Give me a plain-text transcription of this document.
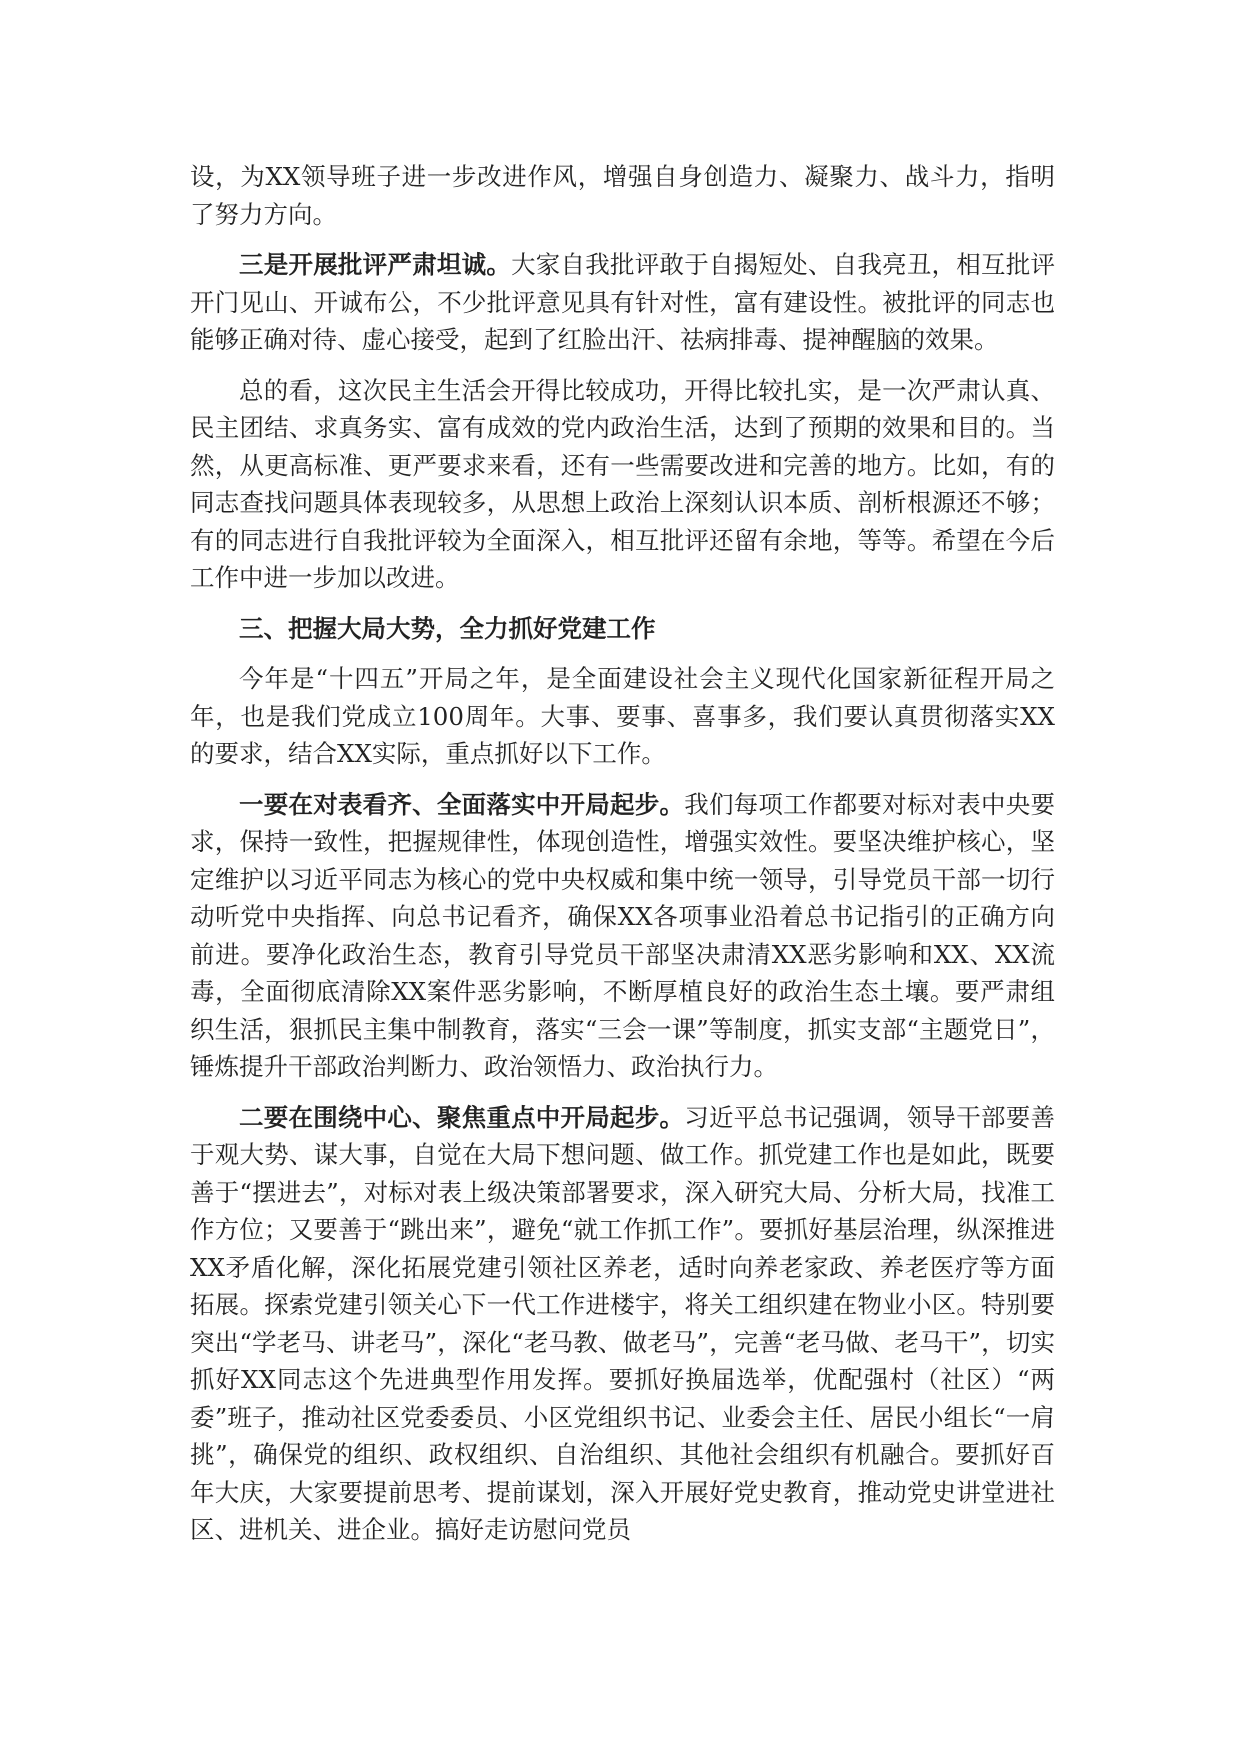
设，为XX领导班子进一步改进作风，增强自身创造力、凝聚力、战斗力，指明了努力方向。

三是开展批评严肃坦诚。大家自我批评敢于自揭短处、自我亮丑，相互批评开门见山、开诚布公，不少批评意见具有针对性，富有建设性。被批评的同志也能够正确对待、虚心接受，起到了红脸出汗、祛病排毒、提神醒脑的效果。

总的看，这次民主生活会开得比较成功，开得比较扎实，是一次严肃认真、民主团结、求真务实、富有成效的党内政治生活，达到了预期的效果和目的。当然，从更高标准、更严要求来看，还有一些需要改进和完善的地方。比如，有的同志查找问题具体表现较多，从思想上政治上深刻认识本质、剖析根源还不够；有的同志进行自我批评较为全面深入，相互批评还留有余地，等等。希望在今后工作中进一步加以改进。

三、把握大局大势，全力抓好党建工作

今年是“十四五”开局之年，是全面建设社会主义现代化国家新征程开局之年，也是我们党成立100周年。大事、要事、喜事多，我们要认真贯彻落实XX的要求，结合XX实际，重点抓好以下工作。

一要在对表看齐、全面落实中开局起步。我们每项工作都要对标对表中央要求，保持一致性，把握规律性，体现创造性，增强实效性。要坚决维护核心，坚定维护以习近平同志为核心的党中央权威和集中统一领导，引导党员干部一切行动听党中央指挥、向总书记看齐，确保XX各项事业沿着总书记指引的正确方向前进。要净化政治生态，教育引导党员干部坚决肃清XX恶劣影响和XX、XX流毒，全面彻底清除XX案件恶劣影响，不断厚植良好的政治生态土壤。要严肃组织生活，狠抓民主集中制教育，落实“三会一课”等制度，抓实支部“主题党日”，锤炼提升干部政治判断力、政治领悟力、政治执行力。

二要在围绕中心、聚焦重点中开局起步。习近平总书记强调，领导干部要善于观大势、谋大事，自觉在大局下想问题、做工作。抓党建工作也是如此，既要善于“摆进去”，对标对表上级决策部署要求，深入研究大局、分析大局，找准工作方位；又要善于“跳出来”，避免“就工作抓工作”。要抓好基层治理，纵深推进XX矛盾化解，深化拓展党建引领社区养老，适时向养老家政、养老医疗等方面拓展。探索党建引领关心下一代工作进楼宇，将关工组织建在物业小区。特别要突出“学老马、讲老马”，深化“老马教、做老马”，完善“老马做、老马干”，切实抓好XX同志这个先进典型作用发挥。要抓好换届选举，优配强村（社区）“两委”班子，推动社区党委委员、小区党组织书记、业委会主任、居民小组长“一肩挑”，确保党的组织、政权组织、自治组织、其他社会组织有机融合。要抓好百年大庆，大家要提前思考、提前谋划，深入开展好党史教育，推动党史讲堂进社区、进机关、进企业。搞好走访慰问党员
